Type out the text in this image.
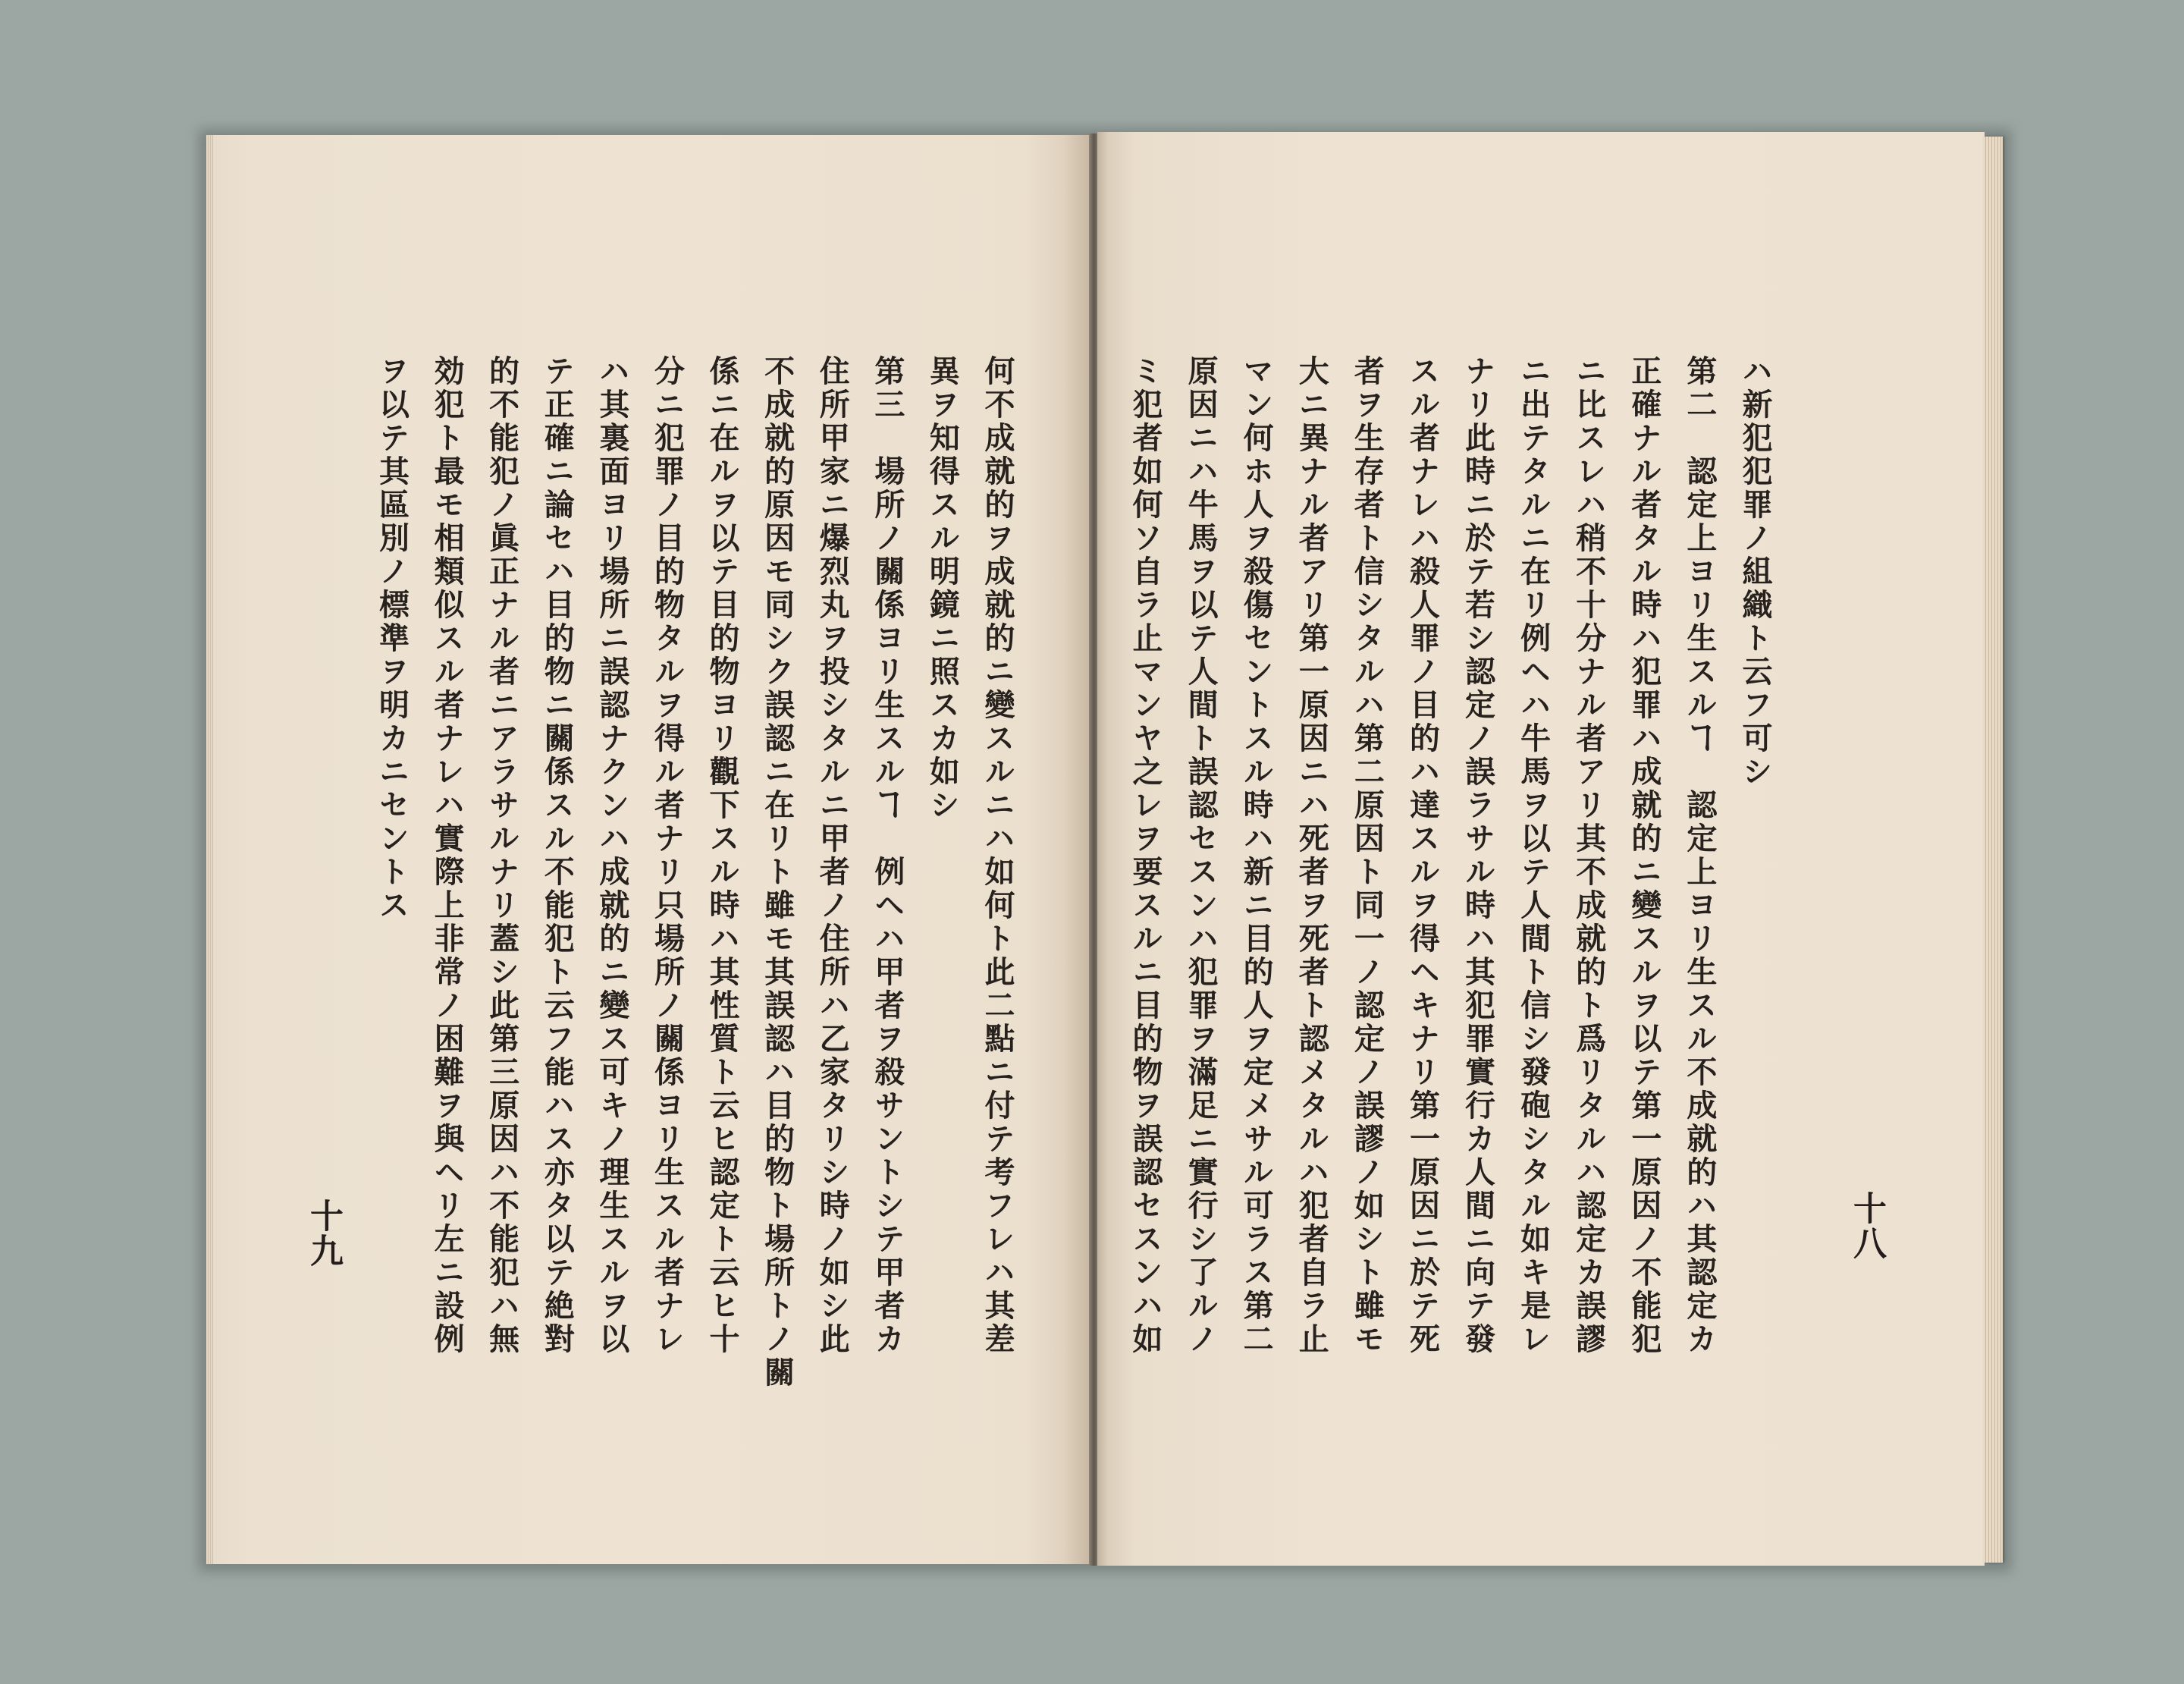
何不成就的ヲ成就的ニ變スルニハ如何ト此二點ニ付テ考フレハ其差

異ヲ知得スル明鏡ニ照スカ如シ

第三　場所ノ關係ヨリ生スルヿ　例ヘハ甲者ヲ殺サントシテ甲者カ

住所甲家ニ爆烈丸ヲ投シタルニ甲者ノ住所ハ乙家タリシ時ノ如シ此

不成就的原因モ同シク誤認ニ在リト雖モ其誤認ハ目的物ト場所トノ關

係ニ在ルヲ以テ目的物ヨリ觀下スル時ハ其性質ト云ヒ認定ト云ヒ十

分ニ犯罪ノ目的物タルヲ得ル者ナリ只場所ノ關係ヨリ生スル者ナレ

ハ其裏面ヨリ場所ニ誤認ナクンハ成就的ニ變ス可キノ理生スルヲ以

テ正確ニ論セハ目的物ニ關係スル不能犯ト云フ能ハス亦タ以テ絶對

的不能犯ノ眞正ナル者ニアラサルナリ蓋シ此第三原因ハ不能犯ハ無

効犯ト最モ相類似スル者ナレハ實際上非常ノ困難ヲ與ヘリ左ニ設例

ヲ以テ其區別ノ標準ヲ明カニセントス

十九

ハ新犯犯罪ノ組織ト云フ可シ

第二　認定上ヨリ生スルヿ　認定上ヨリ生スル不成就的ハ其認定カ

正確ナル者タル時ハ犯罪ハ成就的ニ變スルヲ以テ第一原因ノ不能犯

ニ比スレハ稍不十分ナル者アリ其不成就的ト爲リタルハ認定カ誤謬

ニ出テタルニ在リ例ヘハ牛馬ヲ以テ人間ト信シ發砲シタル如キ是レ

ナリ此時ニ於テ若シ認定ノ誤ラサル時ハ其犯罪實行カ人間ニ向テ發

スル者ナレハ殺人罪ノ目的ハ達スルヲ得ヘキナリ第一原因ニ於テ死

者ヲ生存者ト信シタルハ第二原因ト同一ノ認定ノ誤謬ノ如シト雖モ

大ニ異ナル者アリ第一原因ニハ死者ヲ死者ト認メタルハ犯者自ラ止

マン何ホ人ヲ殺傷セントスル時ハ新ニ目的人ヲ定メサル可ラス第二

原因ニハ牛馬ヲ以テ人間ト誤認セスンハ犯罪ヲ滿足ニ實行シ了ルノ

ミ犯者如何ソ自ラ止マンヤ之レヲ要スルニ目的物ヲ誤認セスンハ如	十八
